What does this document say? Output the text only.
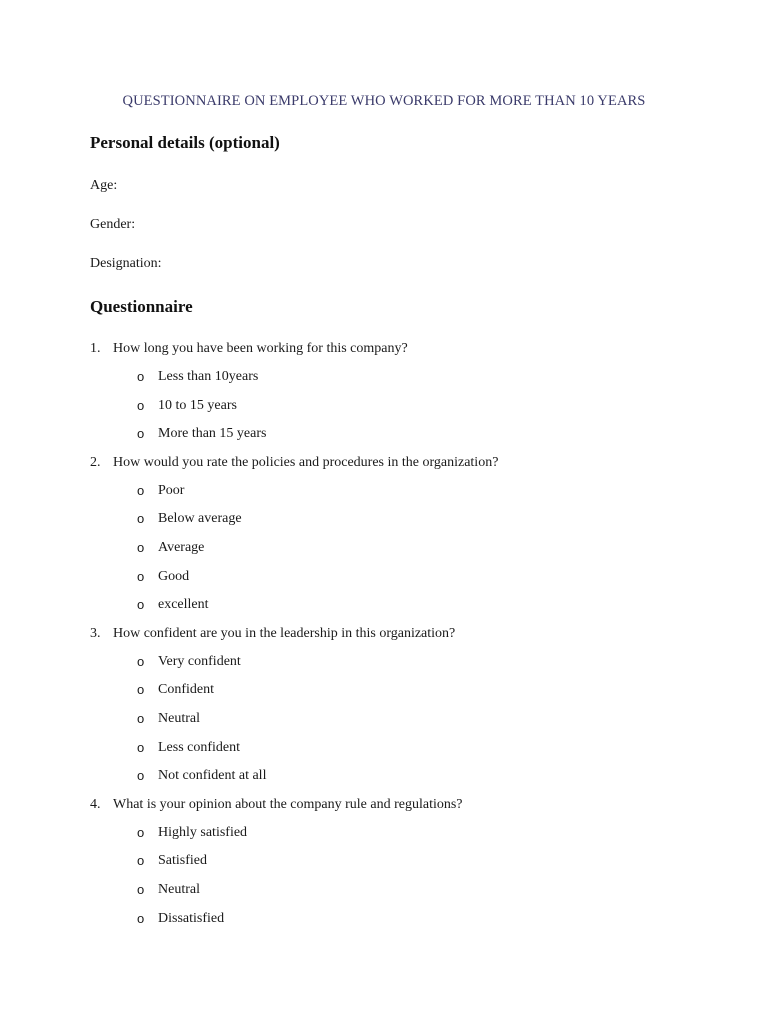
QUESTIONNAIRE ON EMPLOYEE WHO WORKED FOR MORE THAN 10 YEARS
Personal details (optional)

Age:

Gender:

Designation:

Questionnaire
1. How long you have been working for this company?
o Less than 10years
o 10 to 15 years
o More than 15 years
2. How would you rate the policies and procedures in the organization?
o Poor
o Below average
o Average
o Good
o excellent
3. How confident are you in the leadership in this organization?
o Very confident
o Confident
o Neutral
o Less confident
o Not confident at all
4. What is your opinion about the company rule and regulations?
o Highly satisfied
o Satisfied
o Neutral
o Dissatisfied
